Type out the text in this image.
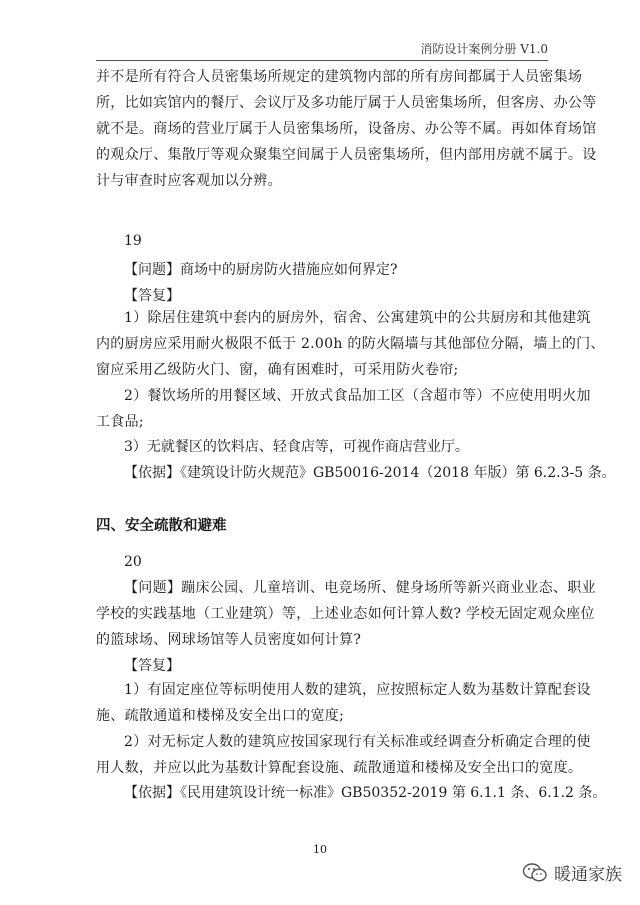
消防设计案例分册 V1.0
并不是所有符合人员密集场所规定的建筑物内部的所有房间都属于人员密集场
所，比如宾馆内的餐厅、会议厅及多功能厅属于人员密集场所，但客房、办公等
就不是。商场的营业厅属于人员密集场所，设备房、办公等不属。再如体育场馆
的观众厅、集散厅等观众聚集空间属于人员密集场所，但内部用房就不属于。设
计与审查时应客观加以分辨。
19
【问题】商场中的厨房防火措施应如何界定?
【答复】
1）除居住建筑中套内的厨房外，宿舍、公寓建筑中的公共厨房和其他建筑
内的厨房应采用耐火极限不低于 2.00h 的防火隔墙与其他部位分隔，墙上的门、
窗应采用乙级防火门、窗，确有困难时，可采用防火卷帘;
2）餐饮场所的用餐区域、开放式食品加工区（含超市等）不应使用明火加
工食品;
3）无就餐区的饮料店、轻食店等，可视作商店营业厅。
【依据】《建筑设计防火规范》GB50016-2014（2018 年版）第 6.2.3-5 条。
四、安全疏散和避难
20
【问题】蹦床公园、儿童培训、电竞场所、健身场所等新兴商业业态、职业
学校的实践基地（工业建筑）等，上述业态如何计算人数? 学校无固定观众座位
的篮球场、网球场馆等人员密度如何计算?
【答复】
1）有固定座位等标明使用人数的建筑，应按照标定人数为基数计算配套设
施、疏散通道和楼梯及安全出口的宽度;
2）对无标定人数的建筑应按国家现行有关标准或经调查分析确定合理的使
用人数，并应以此为基数计算配套设施、疏散通道和楼梯及安全出口的宽度。
【依据】《民用建筑设计统一标准》GB50352-2019 第 6.1.1 条、6.1.2 条。
10
暖通家族
